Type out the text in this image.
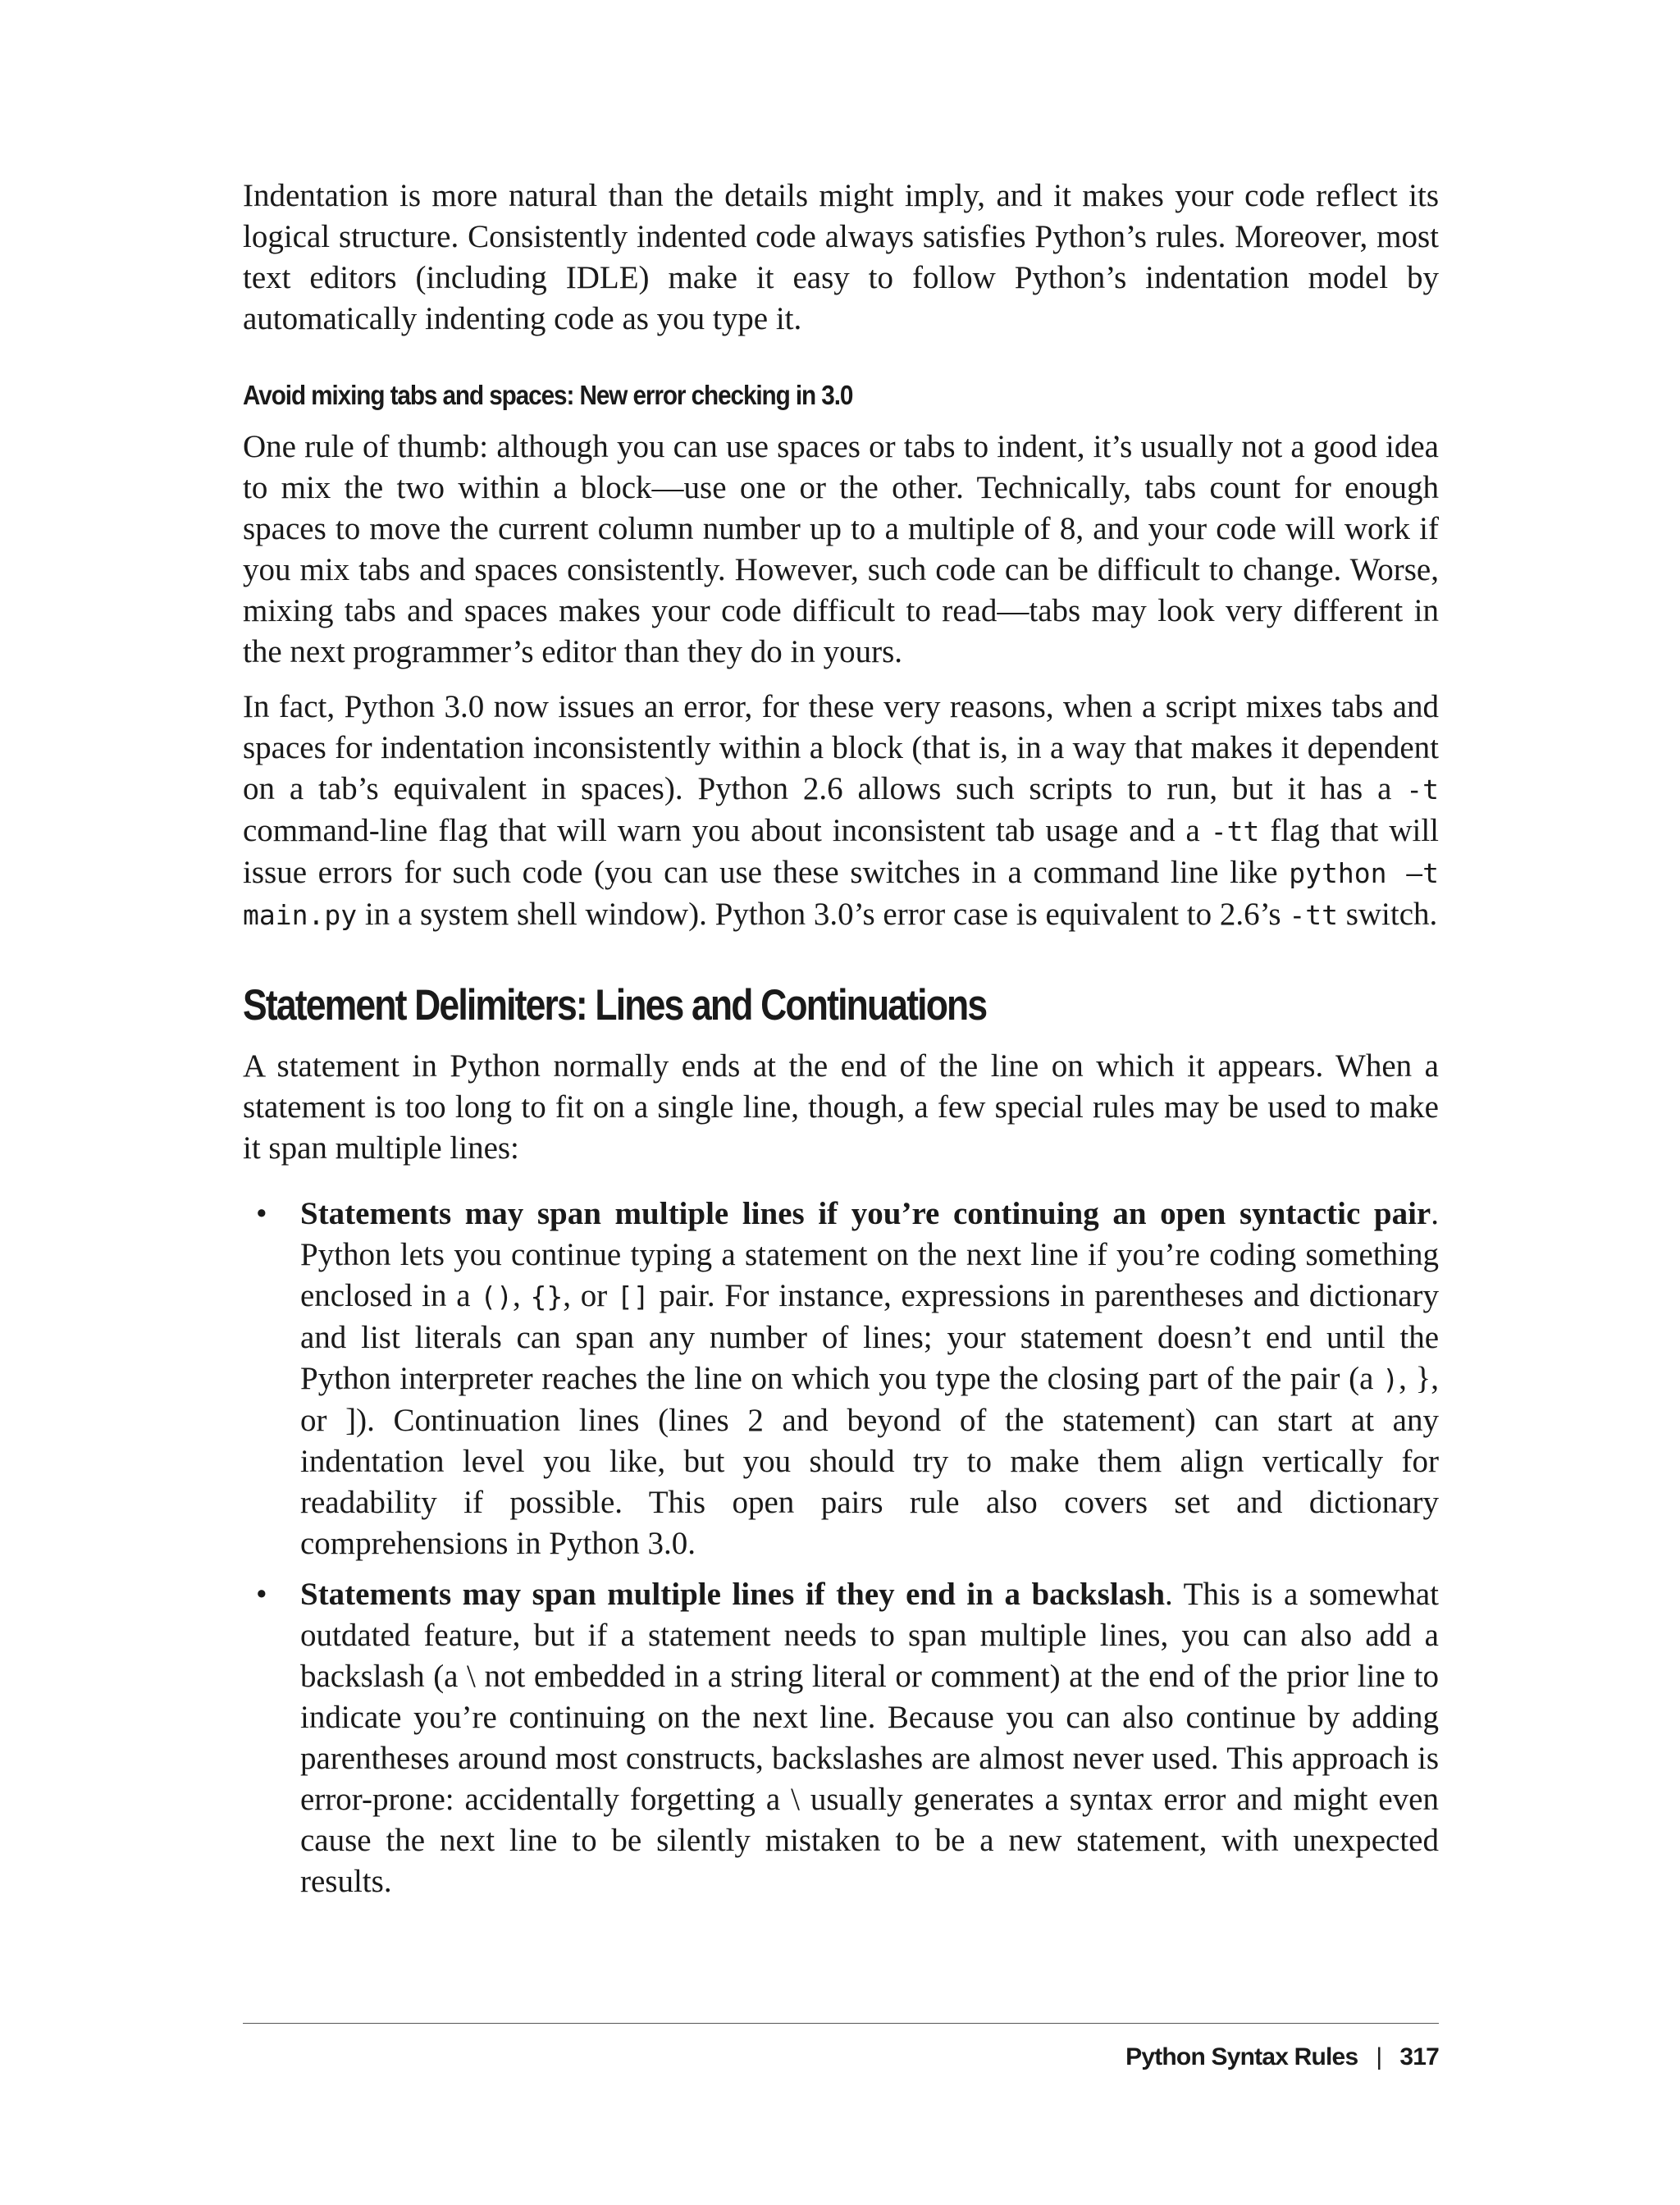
Indentation is more natural than the details might imply, and it makes your code reflect its logical structure. Consistently indented code always satisfies Python’s rules. Moreover, most text editors (including IDLE) make it easy to follow Python’s indentation model by automatically indenting code as you type it.

Avoid mixing tabs and spaces: New error checking in 3.0

One rule of thumb: although you can use spaces or tabs to indent, it’s usually not a good idea to mix the two within a block—use one or the other. Technically, tabs count for enough spaces to move the current column number up to a multiple of 8, and your code will work if you mix tabs and spaces consistently. However, such code can be difficult to change. Worse, mixing tabs and spaces makes your code difficult to read—tabs may look very different in the next programmer’s editor than they do in yours.

In fact, Python 3.0 now issues an error, for these very reasons, when a script mixes tabs and spaces for indentation inconsistently within a block (that is, in a way that makes it dependent on a tab’s equivalent in spaces). Python 2.6 allows such scripts to run, but it has a -t command-line flag that will warn you about inconsistent tab usage and a -tt flag that will issue errors for such code (you can use these switches in a command line like python –t main.py in a system shell window). Python 3.0’s error case is equivalent to 2.6’s -tt switch.

Statement Delimiters: Lines and Continuations

A statement in Python normally ends at the end of the line on which it appears. When a statement is too long to fit on a single line, though, a few special rules may be used to make it span multiple lines:

• Statements may span multiple lines if you’re continuing an open syntactic pair. Python lets you continue typing a statement on the next line if you’re coding something enclosed in a (), {}, or [] pair. For instance, expressions in parentheses and dictionary and list literals can span any number of lines; your statement doesn’t end until the Python interpreter reaches the line on which you type the closing part of the pair (a ), }, or ]). Continuation lines (lines 2 and beyond of the statement) can start at any indentation level you like, but you should try to make them align vertically for readability if possible. This open pairs rule also covers set and dictionary comprehensions in Python 3.0.

• Statements may span multiple lines if they end in a backslash. This is a somewhat outdated feature, but if a statement needs to span multiple lines, you can also add a backslash (a \ not embedded in a string literal or comment) at the end of the prior line to indicate you’re continuing on the next line. Because you can also continue by adding parentheses around most constructs, backslashes are almost never used. This approach is error-prone: accidentally forgetting a \ usually generates a syntax error and might even cause the next line to be silently mistaken to be a new statement, with unexpected results.

Python Syntax Rules | 317
